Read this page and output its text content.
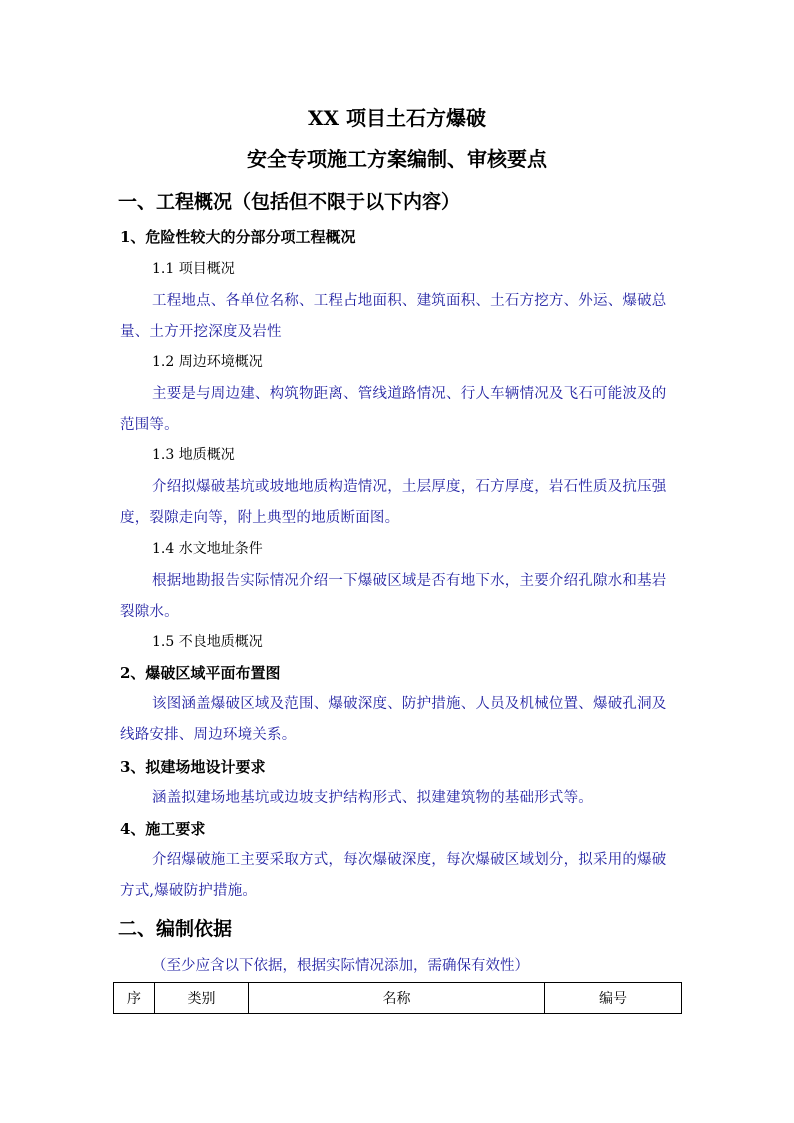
XX 项目土石方爆破
安全专项施工方案编制、审核要点
一、工程概况（包括但不限于以下内容）
1、危险性较大的分部分项工程概况
1.1 项目概况
工程地点、各单位名称、工程占地面积、建筑面积、土石方挖方、外运、爆破总量、土方开挖深度及岩性
1.2 周边环境概况
主要是与周边建、构筑物距离、管线道路情况、行人车辆情况及飞石可能波及的范围等。
1.3 地质概况
介绍拟爆破基坑或坡地地质构造情况，土层厚度，石方厚度，岩石性质及抗压强度，裂隙走向等，附上典型的地质断面图。
1.4 水文地址条件
根据地勘报告实际情况介绍一下爆破区域是否有地下水，主要介绍孔隙水和基岩裂隙水。
1.5 不良地质概况
2、爆破区域平面布置图
该图涵盖爆破区域及范围、爆破深度、防护措施、人员及机械位置、爆破孔洞及线路安排、周边环境关系。
3、拟建场地设计要求
涵盖拟建场地基坑或边坡支护结构形式、拟建建筑物的基础形式等。
4、施工要求
介绍爆破施工主要采取方式，每次爆破深度，每次爆破区域划分，拟采用的爆破方式,爆破防护措施。
二、编制依据
（至少应含以下依据，根据实际情况添加，需确保有效性）
序	类别	名称	编号
